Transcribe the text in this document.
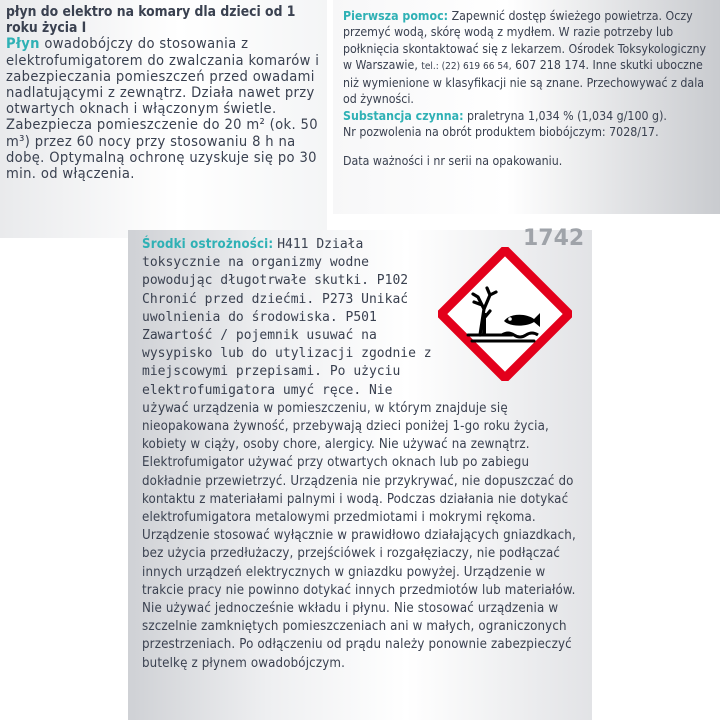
płyn do elektro na komary dla dzieci od 1 roku życia I
Płyn owadobójczy do stosowania z elektrofumigatorem do zwalczania komarów i zabezpieczania pomieszczeń przed owadami nadlatującymi z zewnątrz. Działa nawet przy otwartych oknach i włączonym świetle. Zabezpiecza pomieszczenie do 20 m² (ok. 50 m³) przez 60 nocy przy stosowaniu 8 h na dobę. Optymalną ochronę uzyskuje się po 30 min. od włączenia.

Pierwsza pomoc: Zapewnić dostęp świeżego powietrza. Oczy przemyć wodą, skórę wodą z mydłem. W razie potrzeby lub połknięcia skontaktować się z lekarzem. Ośrodek Toksykologiczny w Warszawie, tel.: (22) 619 66 54, 607 218 174. Inne skutki uboczne niż wymienione w klasyfikacji nie są znane. Przechowywać z dala od żywności.
Substancja czynna: praletryna 1,034 % (1,034 g/100 g).
Nr pozwolenia na obrót produktem biobójczym: 7028/17.

Data ważności i nr serii na opakowaniu.

Środki ostrożności: H411 Działa toksycznie na organizmy wodne powodując długotrwałe skutki. P102 Chronić przed dziećmi. P273 Unikać uwolnienia do środowiska. P501 Zawartość / pojemnik usuwać na wysypisko lub do utylizacji zgodnie z miejscowymi przepisami. Po użyciu elektrofumigatora umyć ręce. Nie używać urządzenia w pomieszczeniu, w którym znajduje się nieopakowana żywność, przebywają dzieci poniżej 1-go roku życia, kobiety w ciąży, osoby chore, alergicy. Nie używać na zewnątrz. Elektrofumigator używać przy otwartych oknach lub po zabiegu dokładnie przewietrzyć. Urządzenia nie przykrywać, nie dopuszczać do kontaktu z materiałami palnymi i wodą. Podczas działania nie dotykać elektrofumigatora metalowymi przedmiotami i mokrymi rękoma. Urządzenie stosować wyłącznie w prawidłowo działających gniazdkach, bez użycia przedłużaczy, przejściówek i rozgałęziaczy, nie podłączać innych urządzeń elektrycznych w gniazdku powyżej. Urządzenie w trakcie pracy nie powinno dotykać innych przedmiotów lub materiałów. Nie używać jednocześnie wkładu i płynu. Nie stosować urządzenia w szczelnie zamkniętych pomieszczeniach ani w małych, ograniczonych przestrzeniach. Po odłączeniu od prądu należy ponownie zabezpieczyć butelkę z płynem owadobójczym.

1742
